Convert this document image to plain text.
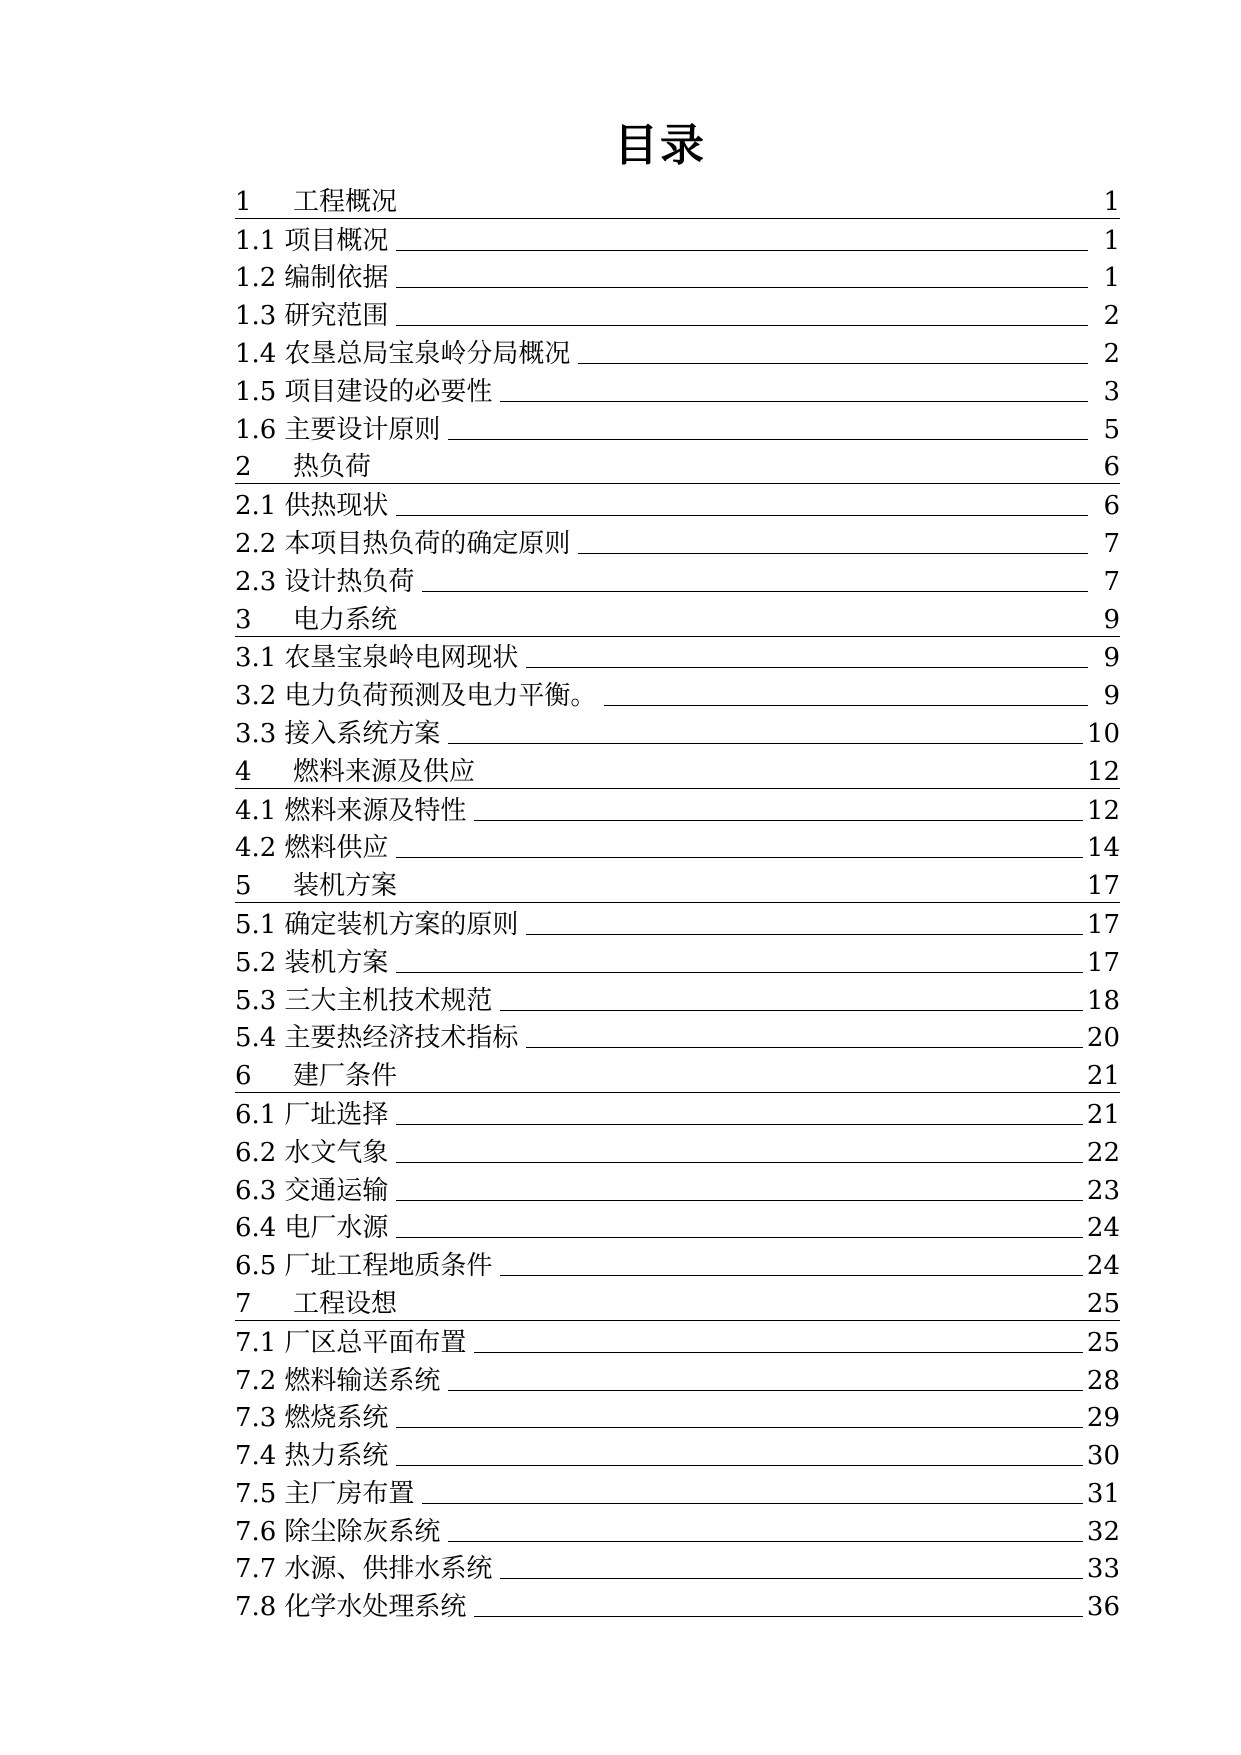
目录
1	工程概况	1
1.1 项目概况	1
1.2 编制依据	1
1.3 研究范围	2
1.4 农垦总局宝泉岭分局概况	2
1.5 项目建设的必要性	3
1.6 主要设计原则	5
2	热负荷	6
2.1 供热现状	6
2.2 本项目热负荷的确定原则	7
2.3 设计热负荷	7
3	电力系统	9
3.1 农垦宝泉岭电网现状	9
3.2 电力负荷预测及电力平衡。	9
3.3 接入系统方案	10
4	燃料来源及供应	12
4.1 燃料来源及特性	12
4.2 燃料供应	14
5	装机方案	17
5.1 确定装机方案的原则	17
5.2 装机方案	17
5.3 三大主机技术规范	18
5.4 主要热经济技术指标	20
6	建厂条件	21
6.1 厂址选择	21
6.2 水文气象	22
6.3 交通运输	23
6.4 电厂水源	24
6.5 厂址工程地质条件	24
7	工程设想	25
7.1 厂区总平面布置	25
7.2 燃料输送系统	28
7.3 燃烧系统	29
7.4 热力系统	30
7.5 主厂房布置	31
7.6 除尘除灰系统	32
7.7 水源、供排水系统	33
7.8 化学水处理系统	36
